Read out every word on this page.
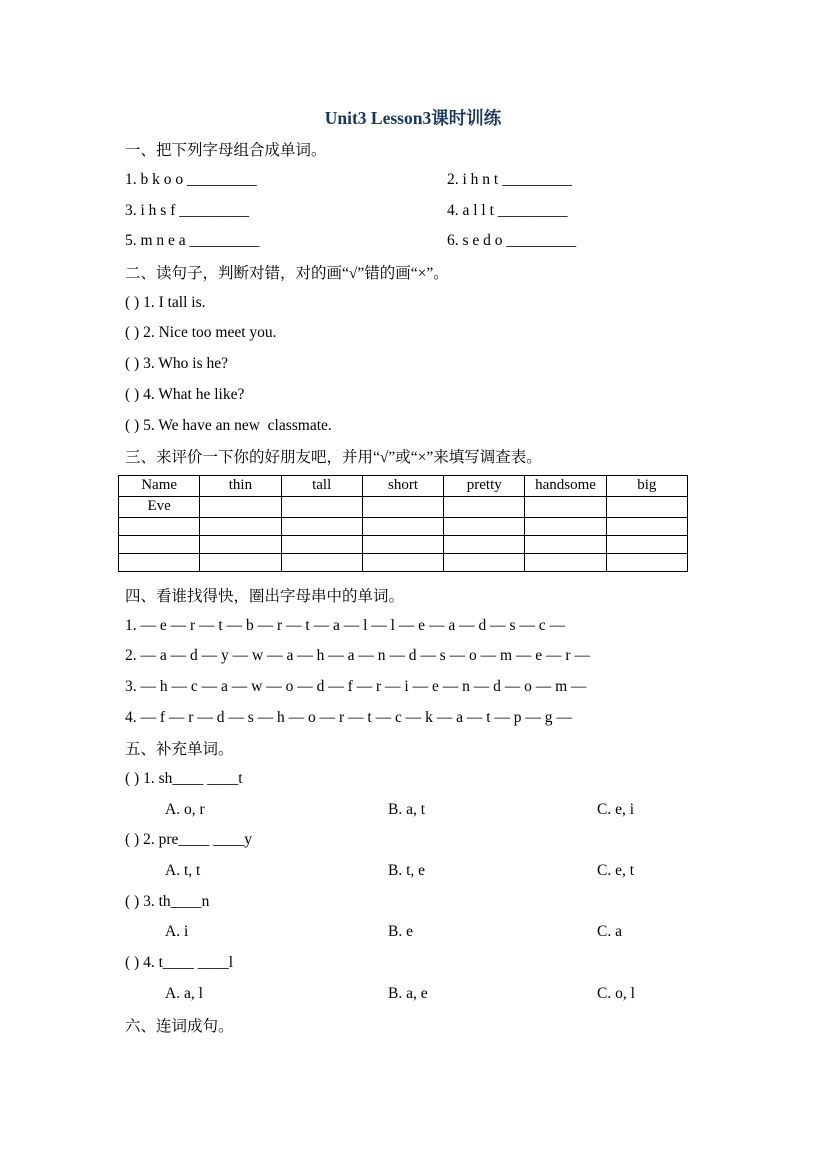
Unit3 Lesson3课时训练
一、把下列字母组合成单词。
1. b k o o _________	2. i h n t _________
3. i h s f _________	4. a l l t _________
5. m n e a _________	6. s e d o _________
二、读句子，判断对错，对的画“√”错的画“×”。
( ) 1. I tall is.
( ) 2. Nice too meet you.
( ) 3. Who is he?
( ) 4. What he like?
( ) 5. We have an new  classmate.
三、来评价一下你的好朋友吧，并用“√”或“×”来填写调查表。
Name	thin	tall	short	pretty	handsome	big
Eve						

四、看谁找得快，圈出字母串中的单词。
1. — e — r — t — b — r — t — a — l — l — e — a — d — s — c —
2. — a — d — y — w — a — h — a — n — d — s — o — m — e — r —
3. — h — c — a — w — o — d — f — r — i — e — n — d — o — m —
4. — f — r — d — s — h — o — r — t — c — k — a — t — p — g —
五、补充单词。
( ) 1. sh____ ____t
A. o, r	B. a, t	C. e, i
( ) 2. pre____ ____y
A. t, t	B. t, e	C. e, t
( ) 3. th____n
A. i	B. e	C. a
( ) 4. t____ ____l
A. a, l	B. a, e	C. o, l
六、连词成句。
